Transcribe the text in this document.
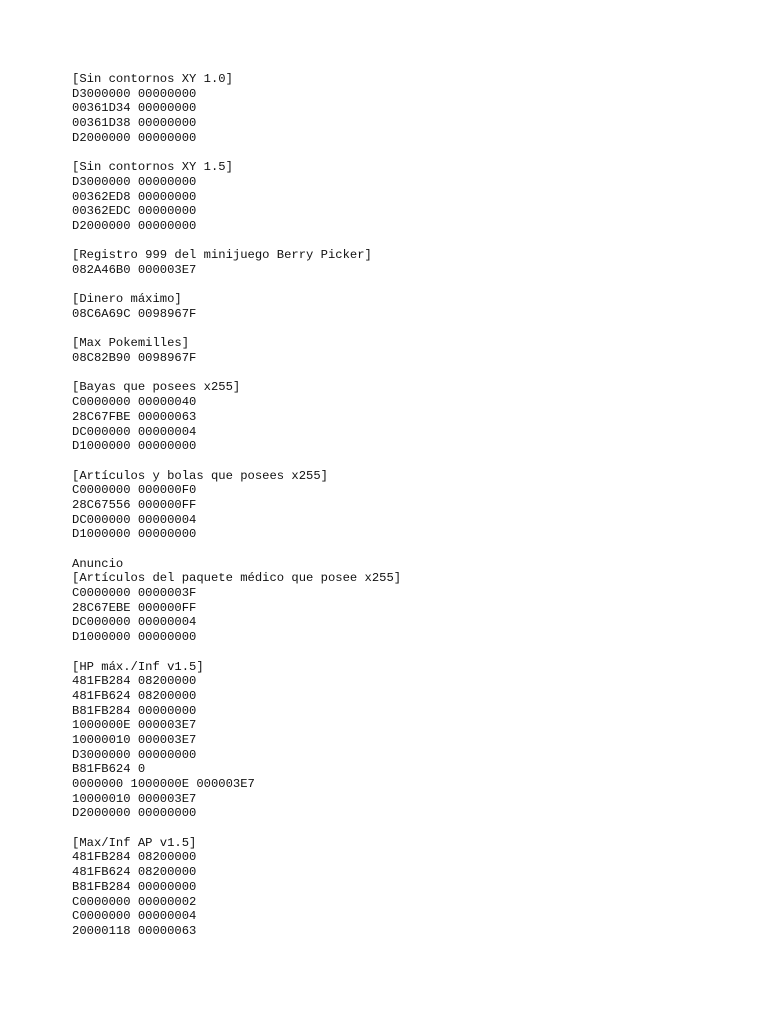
[Sin contornos XY 1.0]
D3000000 00000000
00361D34 00000000
00361D38 00000000
D2000000 00000000
[Sin contornos XY 1.5]
D3000000 00000000
00362ED8 00000000
00362EDC 00000000
D2000000 00000000
[Registro 999 del minijuego Berry Picker]
082A46B0 000003E7
[Dinero máximo]
08C6A69C 0098967F
[Max Pokemilles]
08C82B90 0098967F
[Bayas que posees x255]
C0000000 00000040
28C67FBE 00000063
DC000000 00000004
D1000000 00000000
[Artículos y bolas que posees x255]
C0000000 000000F0
28C67556 000000FF
DC000000 00000004
D1000000 00000000
Anuncio
[Artículos del paquete médico que posee x255]
C0000000 0000003F
28C67EBE 000000FF
DC000000 00000004
D1000000 00000000
[HP máx./Inf v1.5]
481FB284 08200000
481FB624 08200000
B81FB284 00000000
1000000E 000003E7
10000010 000003E7
D3000000 00000000
B81FB624 0
0000000 1000000E 000003E7
10000010 000003E7
D2000000 00000000
[Max/Inf AP v1.5]
481FB284 08200000
481FB624 08200000
B81FB284 00000000
C0000000 00000002
C0000000 00000004
20000118 00000063
